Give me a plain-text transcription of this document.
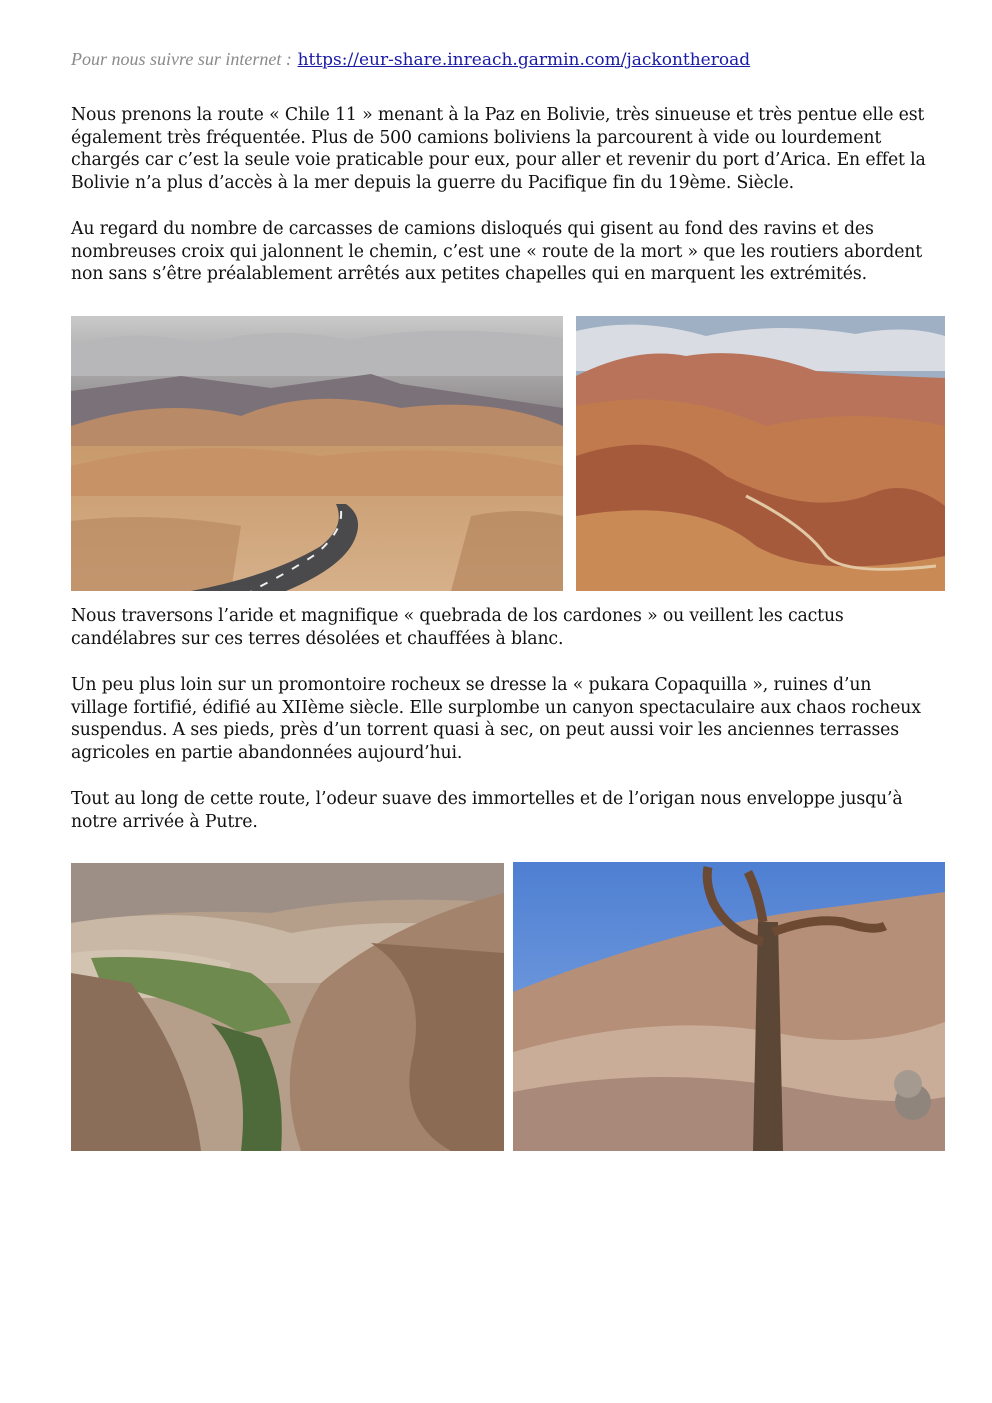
Pour nous suivre sur internet : https://eur-share.inreach.garmin.com/jackontheroad

Nous prenons la route « Chile 11 » menant à la Paz en Bolivie, très sinueuse et très pentue elle est
également très fréquentée. Plus de 500 camions boliviens la parcourent à vide ou lourdement
chargés car c’est la seule voie praticable pour eux, pour aller et revenir du port d’Arica. En effet la
Bolivie n’a plus d’accès à la mer depuis la guerre du Pacifique fin du 19ème. Siècle.

Au regard du nombre de carcasses de camions disloqués qui gisent au fond des ravins et des
nombreuses croix qui jalonnent le chemin, c’est une « route de la mort » que les routiers abordent
non sans s’être préalablement arrêtés aux petites chapelles qui en marquent les extrémités.

Nous traversons l’aride et magnifique « quebrada de los cardones » ou veillent les cactus
candélabres sur ces terres désolées et chauffées à blanc.

Un peu plus loin sur un promontoire rocheux se dresse la « pukara Copaquilla », ruines d’un
village fortifié, édifié au XIIème siècle. Elle surplombe un canyon spectaculaire aux chaos rocheux
suspendus. A ses pieds, près d’un torrent quasi à sec, on peut aussi voir les anciennes terrasses
agricoles en partie abandonnées aujourd’hui.

Tout au long de cette route, l’odeur suave des immortelles et de l’origan nous enveloppe jusqu’à
notre arrivée à Putre.
